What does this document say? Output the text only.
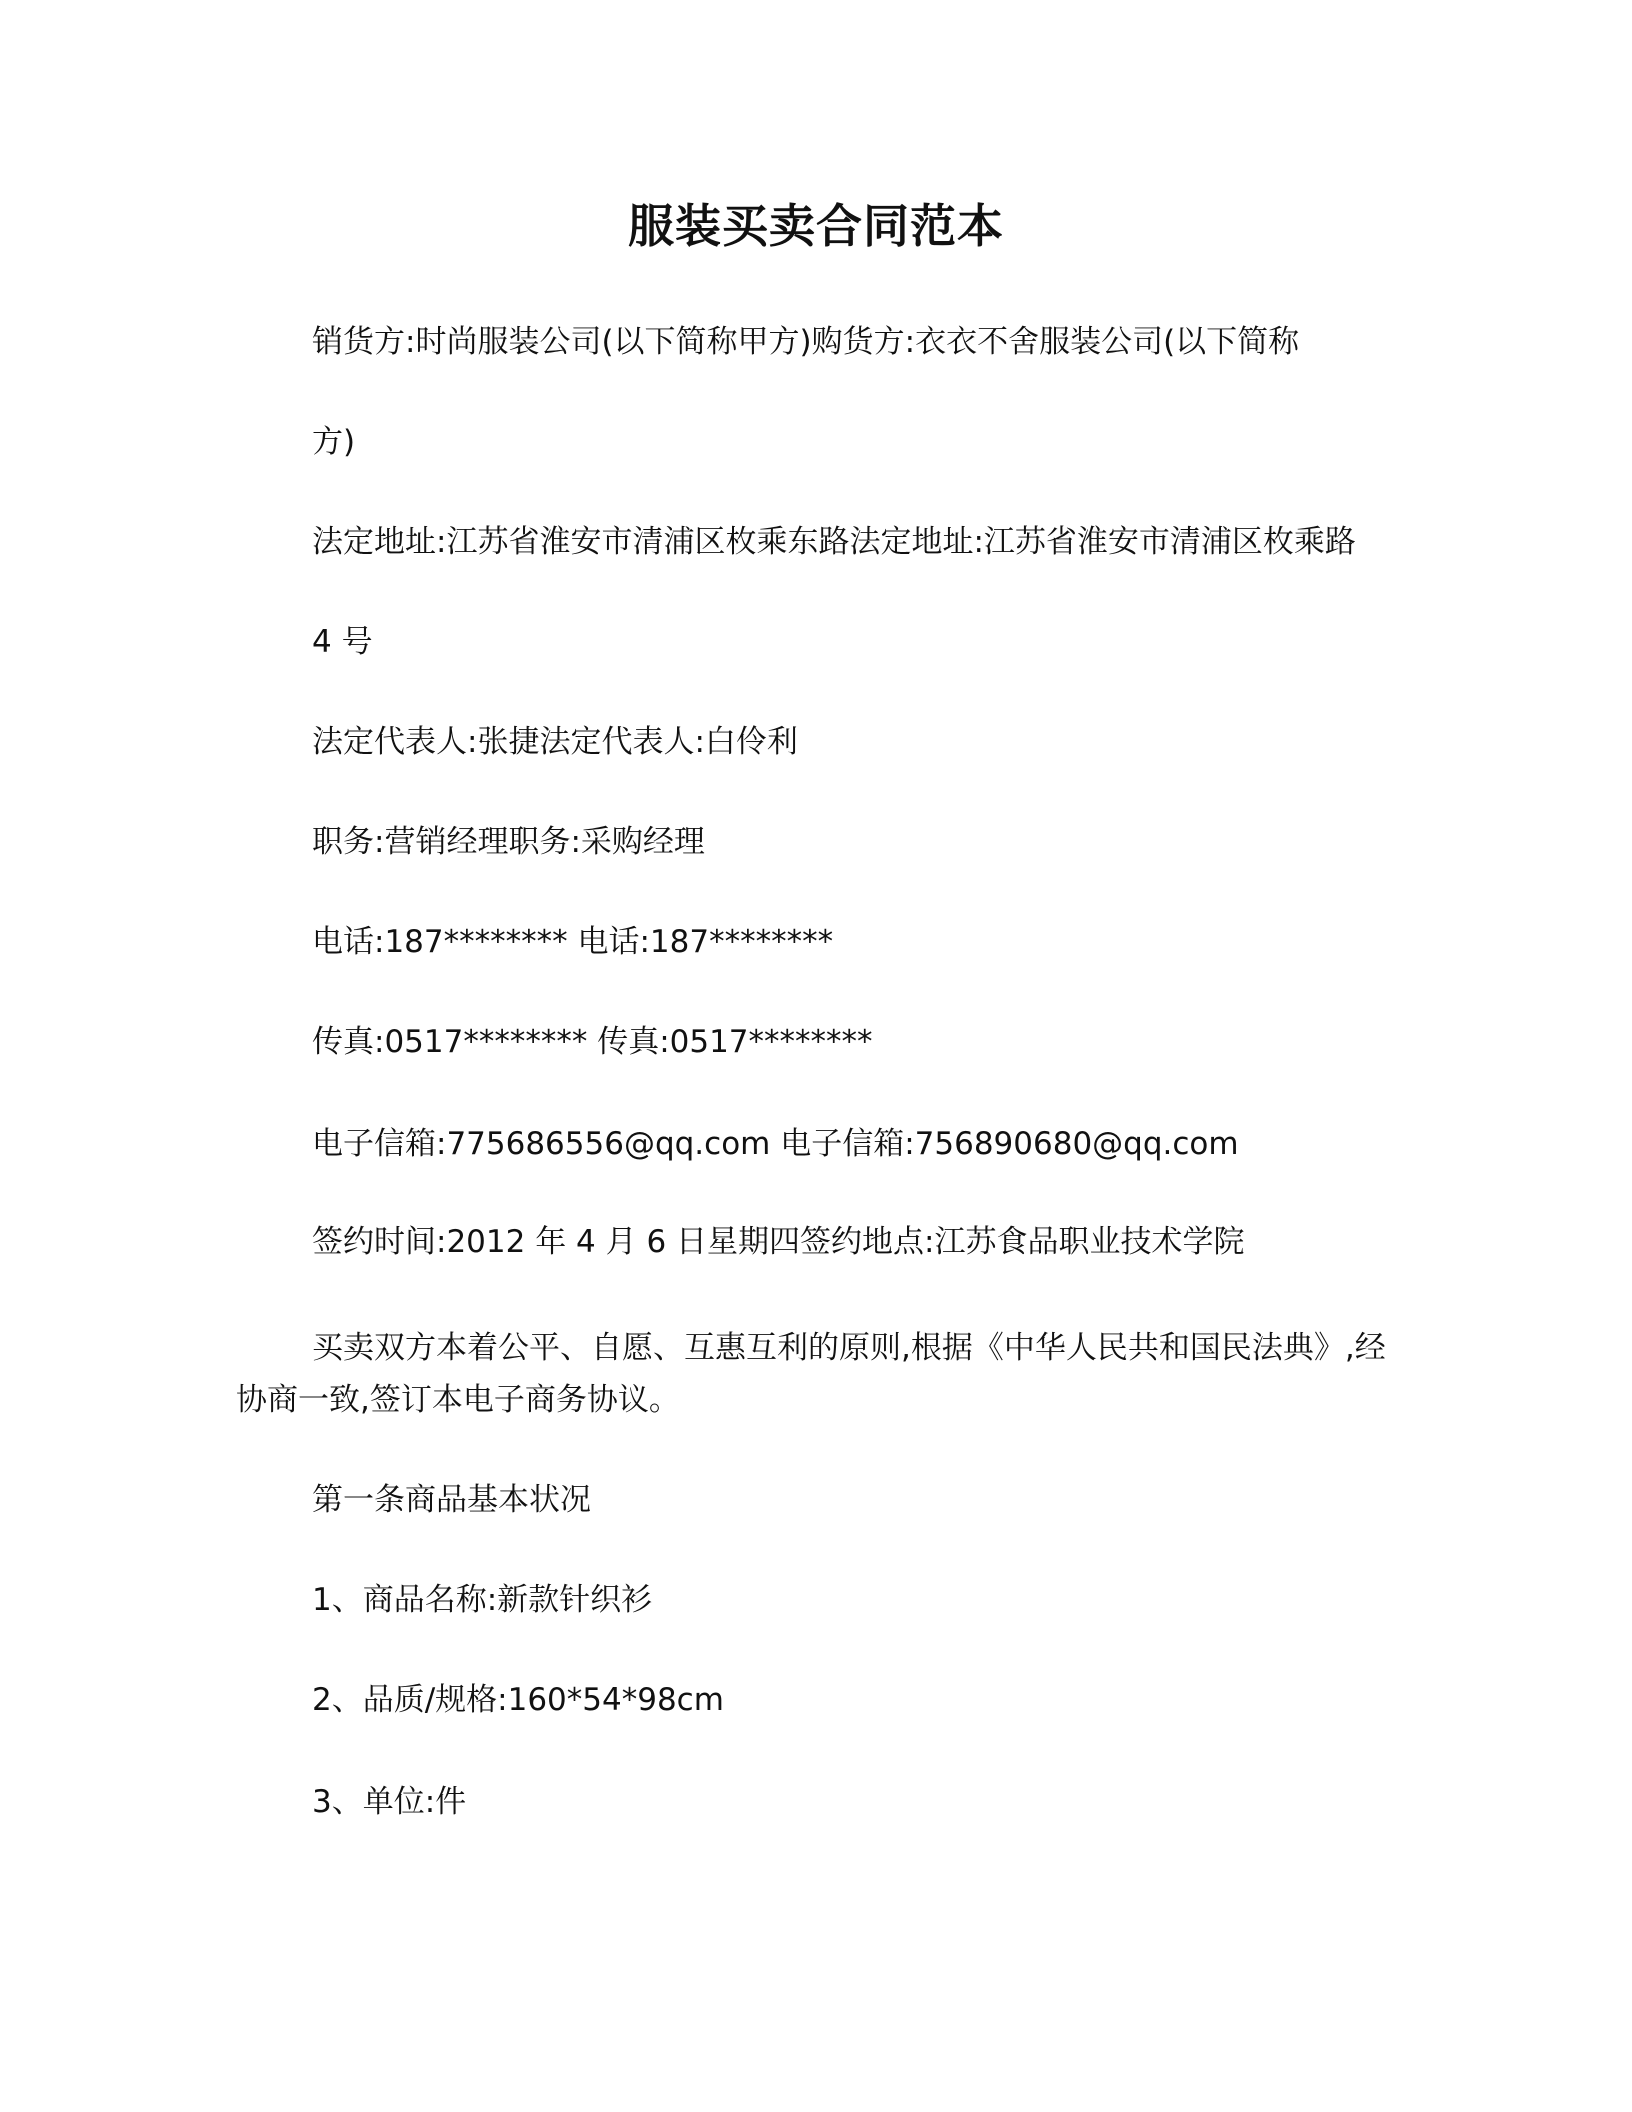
服装买卖合同范本
销货方:时尚服装公司(以下简称甲方)购货方:衣衣不舍服装公司(以下简称
方)
法定地址:江苏省淮安市清浦区枚乘东路法定地址:江苏省淮安市清浦区枚乘路
4 号
法定代表人:张捷法定代表人:白伶利
职务:营销经理职务:采购经理
电话:187******** 电话:187********
传真:0517******** 传真:0517********
电子信箱:775686556@qq.com 电子信箱:756890680@qq.com
签约时间:2012 年 4 月 6 日星期四签约地点:江苏食品职业技术学院
买卖双方本着公平、自愿、互惠互利的原则,根据《中华人民共和国民法典》,经协商一致,签订本电子商务协议。
第一条商品基本状况
1、商品名称:新款针织衫
2、品质/规格:160*54*98cm
3、单位:件
